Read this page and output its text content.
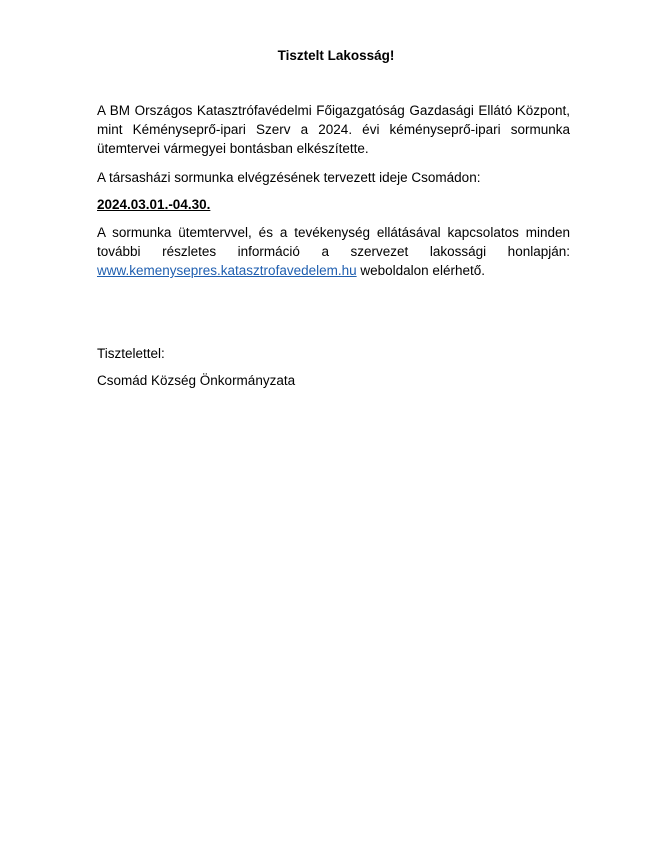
Tisztelt Lakosság!
A BM Országos Katasztrófavédelmi Főigazgatóság Gazdasági Ellátó Központ, mint Kéményseprő-ipari Szerv a 2024. évi kéményseprő-ipari sormunka ütemtervei vármegyei bontásban elkészítette.
A társasházi sormunka elvégzésének tervezett ideje Csomádon:
2024.03.01.-04.30.
A sormunka ütemtervvel, és a tevékenység ellátásával kapcsolatos minden további részletes információ a szervezet lakossági honlapján: www.kemenysepres.katasztrofavedelem.hu weboldalon elérhető.
Tisztelettel:
Csomád Község Önkormányzata
